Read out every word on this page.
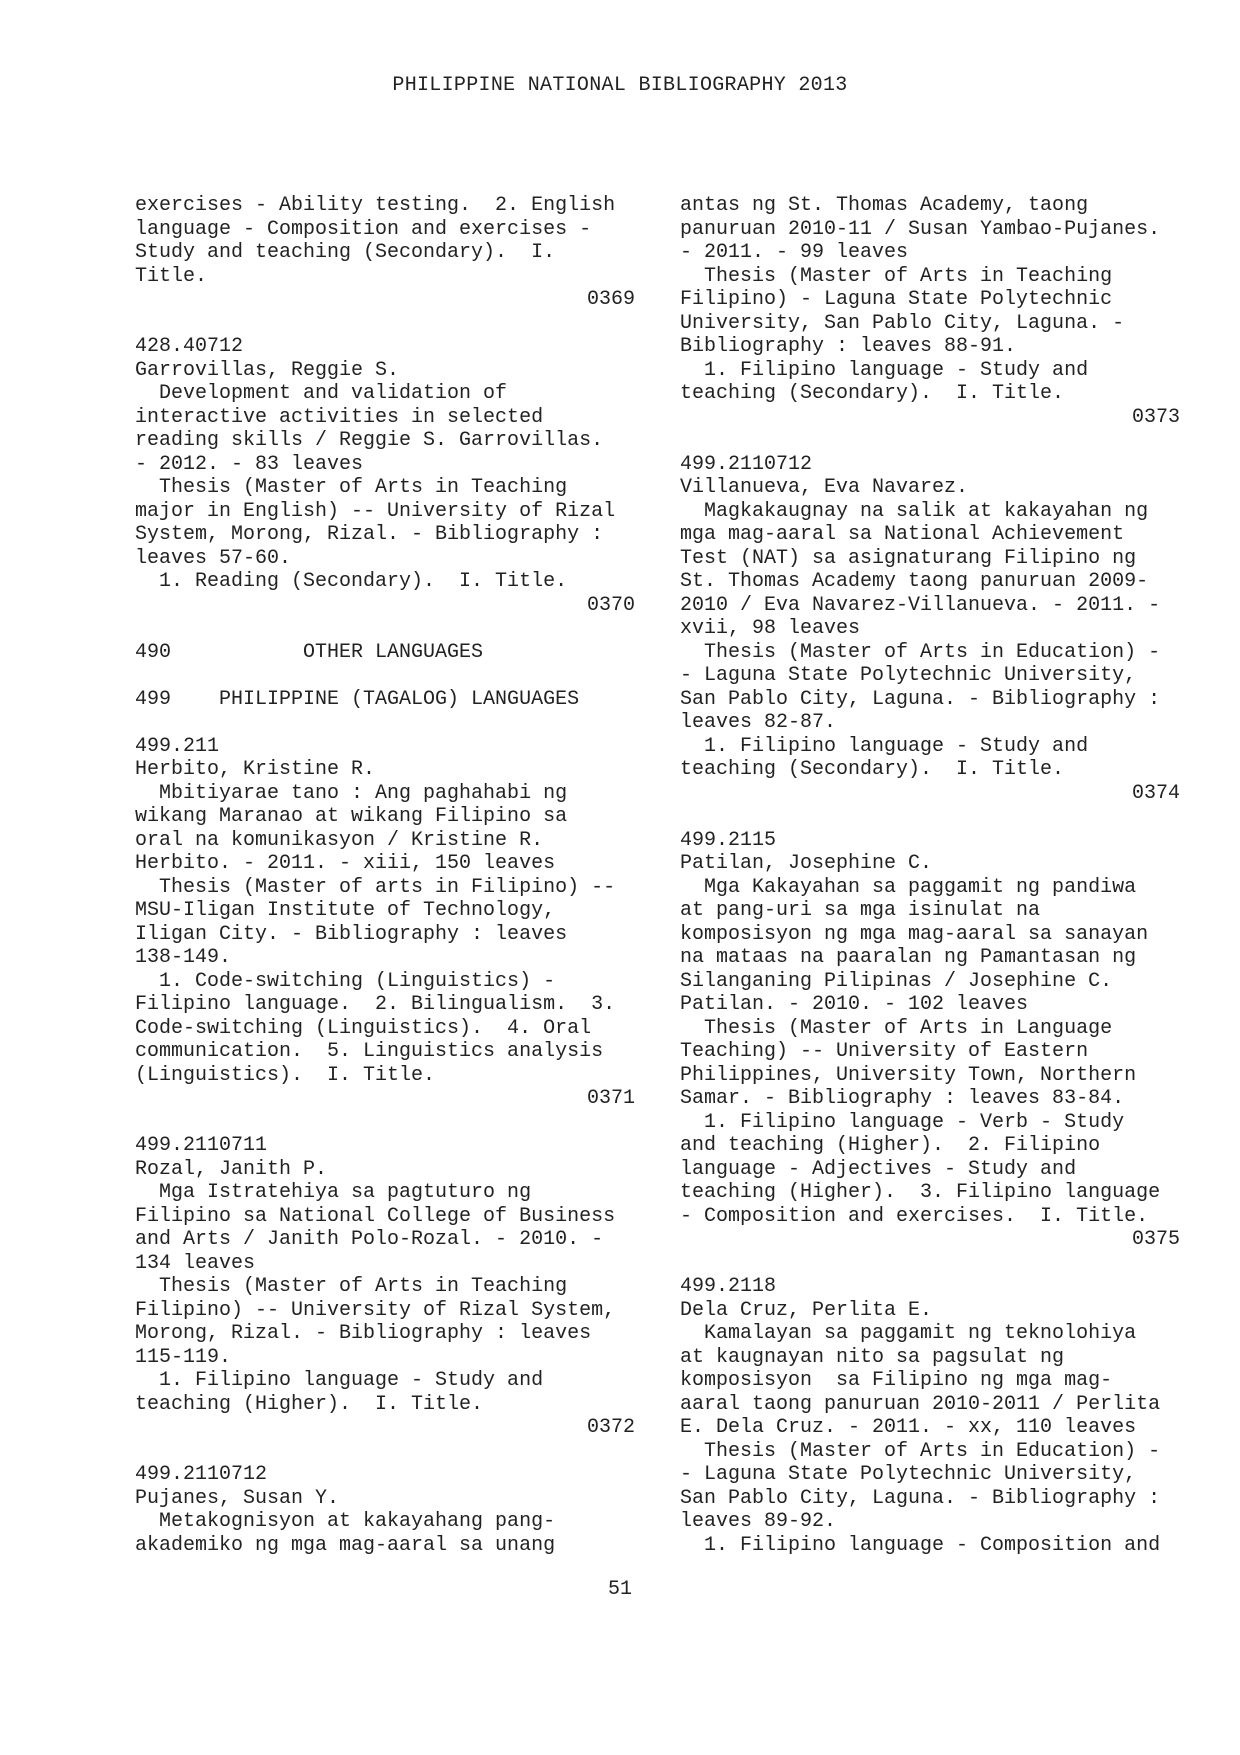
PHILIPPINE NATIONAL BIBLIOGRAPHY 2013
exercises - Ability testing.  2. English
language - Composition and exercises -
Study and teaching (Secondary).  I.
Title.
0369
428.40712
Garrovillas, Reggie S.
Development and validation of
interactive activities in selected
reading skills / Reggie S. Garrovillas.
- 2012. - 83 leaves
Thesis (Master of Arts in Teaching
major in English) -- University of Rizal
System, Morong, Rizal. - Bibliography :
leaves 57-60.
1. Reading (Secondary).  I. Title.
0370
490           OTHER LANGUAGES
499    PHILIPPINE (TAGALOG) LANGUAGES
499.211
Herbito, Kristine R.
Mbitiyarae tano : Ang paghahabi ng
wikang Maranao at wikang Filipino sa
oral na komunikasyon / Kristine R.
Herbito. - 2011. - xiii, 150 leaves
Thesis (Master of arts in Filipino) --
MSU-Iligan Institute of Technology,
Iligan City. - Bibliography : leaves
138-149.
1. Code-switching (Linguistics) -
Filipino language.  2. Bilingualism.  3.
Code-switching (Linguistics).  4. Oral
communication.  5. Linguistics analysis
(Linguistics).  I. Title.
0371
499.2110711
Rozal, Janith P.
Mga Istratehiya sa pagtuturo ng
Filipino sa National College of Business
and Arts / Janith Polo-Rozal. - 2010. -
134 leaves
Thesis (Master of Arts in Teaching
Filipino) -- University of Rizal System,
Morong, Rizal. - Bibliography : leaves
115-119.
1. Filipino language - Study and
teaching (Higher).  I. Title.
0372
499.2110712
Pujanes, Susan Y.
Metakognisyon at kakayahang pang-
akademiko ng mga mag-aaral sa unang
antas ng St. Thomas Academy, taong
panuruan 2010-11 / Susan Yambao-Pujanes.
- 2011. - 99 leaves
Thesis (Master of Arts in Teaching
Filipino) - Laguna State Polytechnic
University, San Pablo City, Laguna. -
Bibliography : leaves 88-91.
1. Filipino language - Study and
teaching (Secondary).  I. Title.
0373
499.2110712
Villanueva, Eva Navarez.
Magkakaugnay na salik at kakayahan ng
mga mag-aaral sa National Achievement
Test (NAT) sa asignaturang Filipino ng
St. Thomas Academy taong panuruan 2009-
2010 / Eva Navarez-Villanueva. - 2011. -
xvii, 98 leaves
Thesis (Master of Arts in Education) -
- Laguna State Polytechnic University,
San Pablo City, Laguna. - Bibliography :
leaves 82-87.
1. Filipino language - Study and
teaching (Secondary).  I. Title.
0374
499.2115
Patilan, Josephine C.
Mga Kakayahan sa paggamit ng pandiwa
at pang-uri sa mga isinulat na
komposisyon ng mga mag-aaral sa sanayan
na mataas na paaralan ng Pamantasan ng
Silanganing Pilipinas / Josephine C.
Patilan. - 2010. - 102 leaves
Thesis (Master of Arts in Language
Teaching) -- University of Eastern
Philippines, University Town, Northern
Samar. - Bibliography : leaves 83-84.
1. Filipino language - Verb - Study
and teaching (Higher).  2. Filipino
language - Adjectives - Study and
teaching (Higher).  3. Filipino language
- Composition and exercises.  I. Title.
0375
499.2118
Dela Cruz, Perlita E.
Kamalayan sa paggamit ng teknolohiya
at kaugnayan nito sa pagsulat ng
komposisyon  sa Filipino ng mga mag-
aaral taong panuruan 2010-2011 / Perlita
E. Dela Cruz. - 2011. - xx, 110 leaves
Thesis (Master of Arts in Education) -
- Laguna State Polytechnic University,
San Pablo City, Laguna. - Bibliography :
leaves 89-92.
1. Filipino language - Composition and
51
